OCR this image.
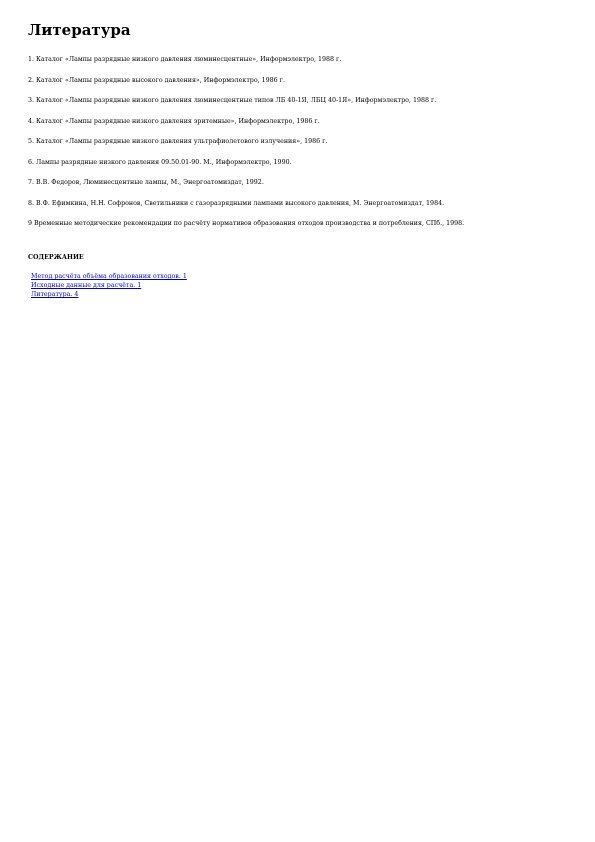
Литература
1. Каталог «Лампы разрядные низкого давления люминесцентные», Информэлектро, 1988 г.
2. Каталог «Лампы разрядные высокого давления», Информэлектро, 1986 г.
3. Каталог «Лампы разрядные низкого давления люминесцентные типов ЛБ 40-1Я, ЛБЦ 40-1Я», Информэлектро, 1988 г.
4. Каталог «Лампы разрядные низкого давления эритемные», Информэлектро, 1986 г.
5. Каталог «Лампы разрядные низкого давления ультрафиолетового излучения», 1986 г.
6. Лампы разрядные низкого давления 09.50.01-90. М., Информэлектро, 1990.
7. В.В. Федоров, Люминесцентные лампы, М., Энергоатомиздат, 1992.
8. В.Ф. Ефимкина, Н.Н. Софронов, Светильники с газоразрядными лампами высокого давления, М. Энергоатомиздат, 1984.
9 Временные методические рекомендации по расчёту нормативов образования отходов производства и потребления, СПб., 1998.
СОДЕРЖАНИЕ
Метод расчёта объёма образования отходов. 1
Исходные данные для расчёта. 1
Литература. 4
